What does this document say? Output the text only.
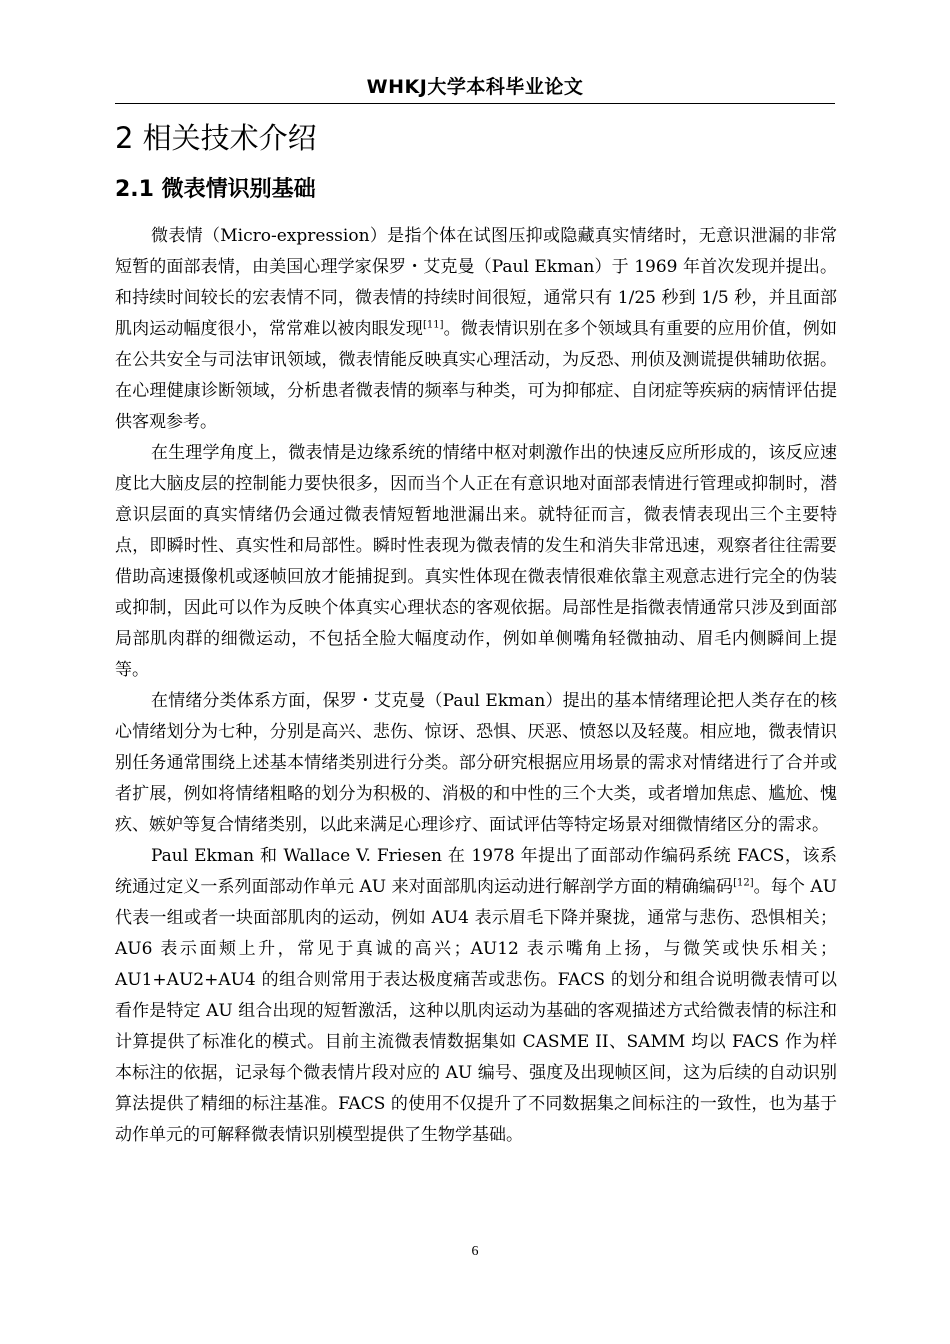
WHKJ大学本科毕业论文
2 相关技术介绍
2.1 微表情识别基础

微表情（Micro-expression）是指个体在试图压抑或隐藏真实情绪时，无意识泄漏的非常短暂的面部表情，由美国心理学家保罗・艾克曼（Paul Ekman）于 1969 年首次发现并提出。和持续时间较长的宏表情不同，微表情的持续时间很短，通常只有 1/25 秒到 1/5 秒，并且面部肌肉运动幅度很小，常常难以被肉眼发现[11]。微表情识别在多个领域具有重要的应用价值，例如在公共安全与司法审讯领域，微表情能反映真实心理活动，为反恐、刑侦及测谎提供辅助依据。在心理健康诊断领域，分析患者微表情的频率与种类，可为抑郁症、自闭症等疾病的病情评估提供客观参考。

在生理学角度上，微表情是边缘系统的情绪中枢对刺激作出的快速反应所形成的，该反应速度比大脑皮层的控制能力要快很多，因而当个人正在有意识地对面部表情进行管理或抑制时，潜意识层面的真实情绪仍会通过微表情短暂地泄漏出来。就特征而言，微表情表现出三个主要特点，即瞬时性、真实性和局部性。瞬时性表现为微表情的发生和消失非常迅速，观察者往往需要借助高速摄像机或逐帧回放才能捕捉到。真实性体现在微表情很难依靠主观意志进行完全的伪装或抑制，因此可以作为反映个体真实心理状态的客观依据。局部性是指微表情通常只涉及到面部局部肌肉群的细微运动，不包括全脸大幅度动作，例如单侧嘴角轻微抽动、眉毛内侧瞬间上提等。

在情绪分类体系方面，保罗・艾克曼（Paul Ekman）提出的基本情绪理论把人类存在的核心情绪划分为七种，分别是高兴、悲伤、惊讶、恐惧、厌恶、愤怒以及轻蔑。相应地，微表情识别任务通常围绕上述基本情绪类别进行分类。部分研究根据应用场景的需求对情绪进行了合并或者扩展，例如将情绪粗略的划分为积极的、消极的和中性的三个大类，或者增加焦虑、尴尬、愧疚、嫉妒等复合情绪类别，以此来满足心理诊疗、面试评估等特定场景对细微情绪区分的需求。

Paul Ekman 和 Wallace V. Friesen 在 1978 年提出了面部动作编码系统 FACS，该系统通过定义一系列面部动作单元 AU 来对面部肌肉运动进行解剖学方面的精确编码[12]。每个 AU 代表一组或者一块面部肌肉的运动，例如 AU4 表示眉毛下降并聚拢，通常与悲伤、恐惧相关；AU6 表示面颊上升，常见于真诚的高兴；AU12 表示嘴角上扬，与微笑或快乐相关；AU1+AU2+AU4 的组合则常用于表达极度痛苦或悲伤。FACS 的划分和组合说明微表情可以看作是特定 AU 组合出现的短暂激活，这种以肌肉运动为基础的客观描述方式给微表情的标注和计算提供了标准化的模式。目前主流微表情数据集如 CASME II、SAMM 均以 FACS 作为样本标注的依据，记录每个微表情片段对应的 AU 编号、强度及出现帧区间，这为后续的自动识别算法提供了精细的标注基准。FACS 的使用不仅提升了不同数据集之间标注的一致性，也为基于动作单元的可解释微表情识别模型提供了生物学基础。

6
